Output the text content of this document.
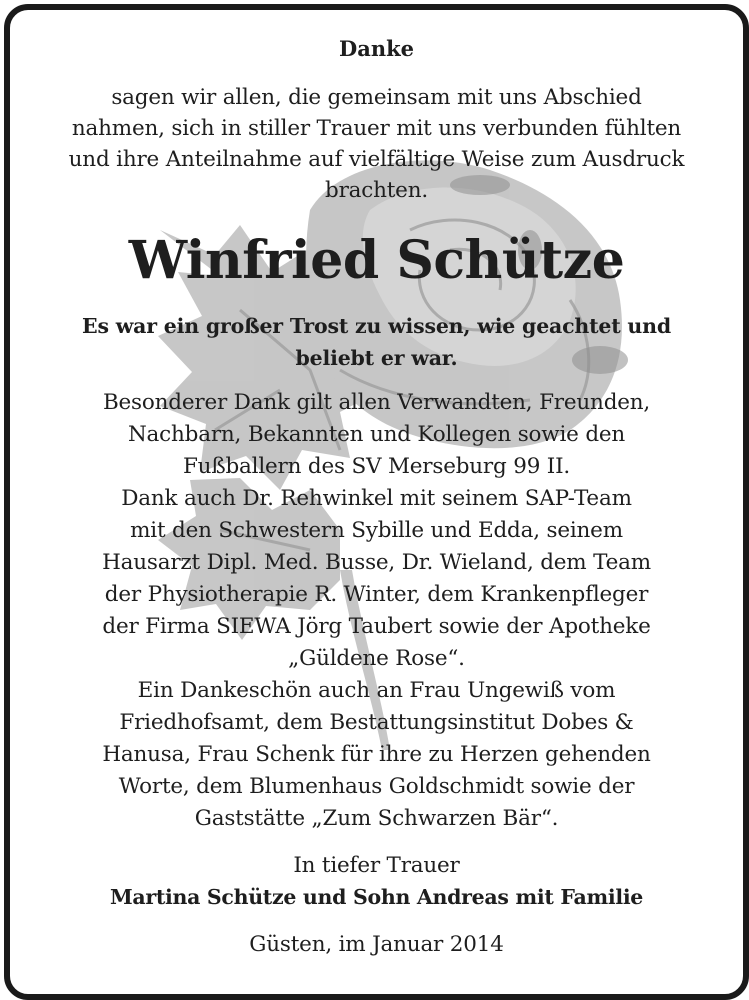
Danke
sagen wir allen, die gemeinsam mit uns Abschied
nahmen, sich in stiller Trauer mit uns verbunden fühlten
und ihre Anteilnahme auf vielfältige Weise zum Ausdruck
brachten.
Winfried Schütze
Es war ein großer Trost zu wissen, wie geachtet und
beliebt er war.
Besonderer Dank gilt allen Verwandten, Freunden,
Nachbarn, Bekannten und Kollegen sowie den
Fußballern des SV Merseburg 99 II.
Dank auch Dr. Rehwinkel mit seinem SAP-Team
mit den Schwestern Sybille und Edda, seinem
Hausarzt Dipl. Med. Busse, Dr. Wieland, dem Team
der Physiotherapie R. Winter, dem Krankenpfleger
der Firma SIEWA Jörg Taubert sowie der Apotheke
„Güldene Rose“.
Ein Dankeschön auch an Frau Ungewiß vom
Friedhofsamt, dem Bestattungsinstitut Dobes &
Hanusa, Frau Schenk für ihre zu Herzen gehenden
Worte, dem Blumenhaus Goldschmidt sowie der
Gaststätte „Zum Schwarzen Bär“.
In tiefer Trauer
Martina Schütze und Sohn Andreas mit Familie
Güsten, im Januar 2014
